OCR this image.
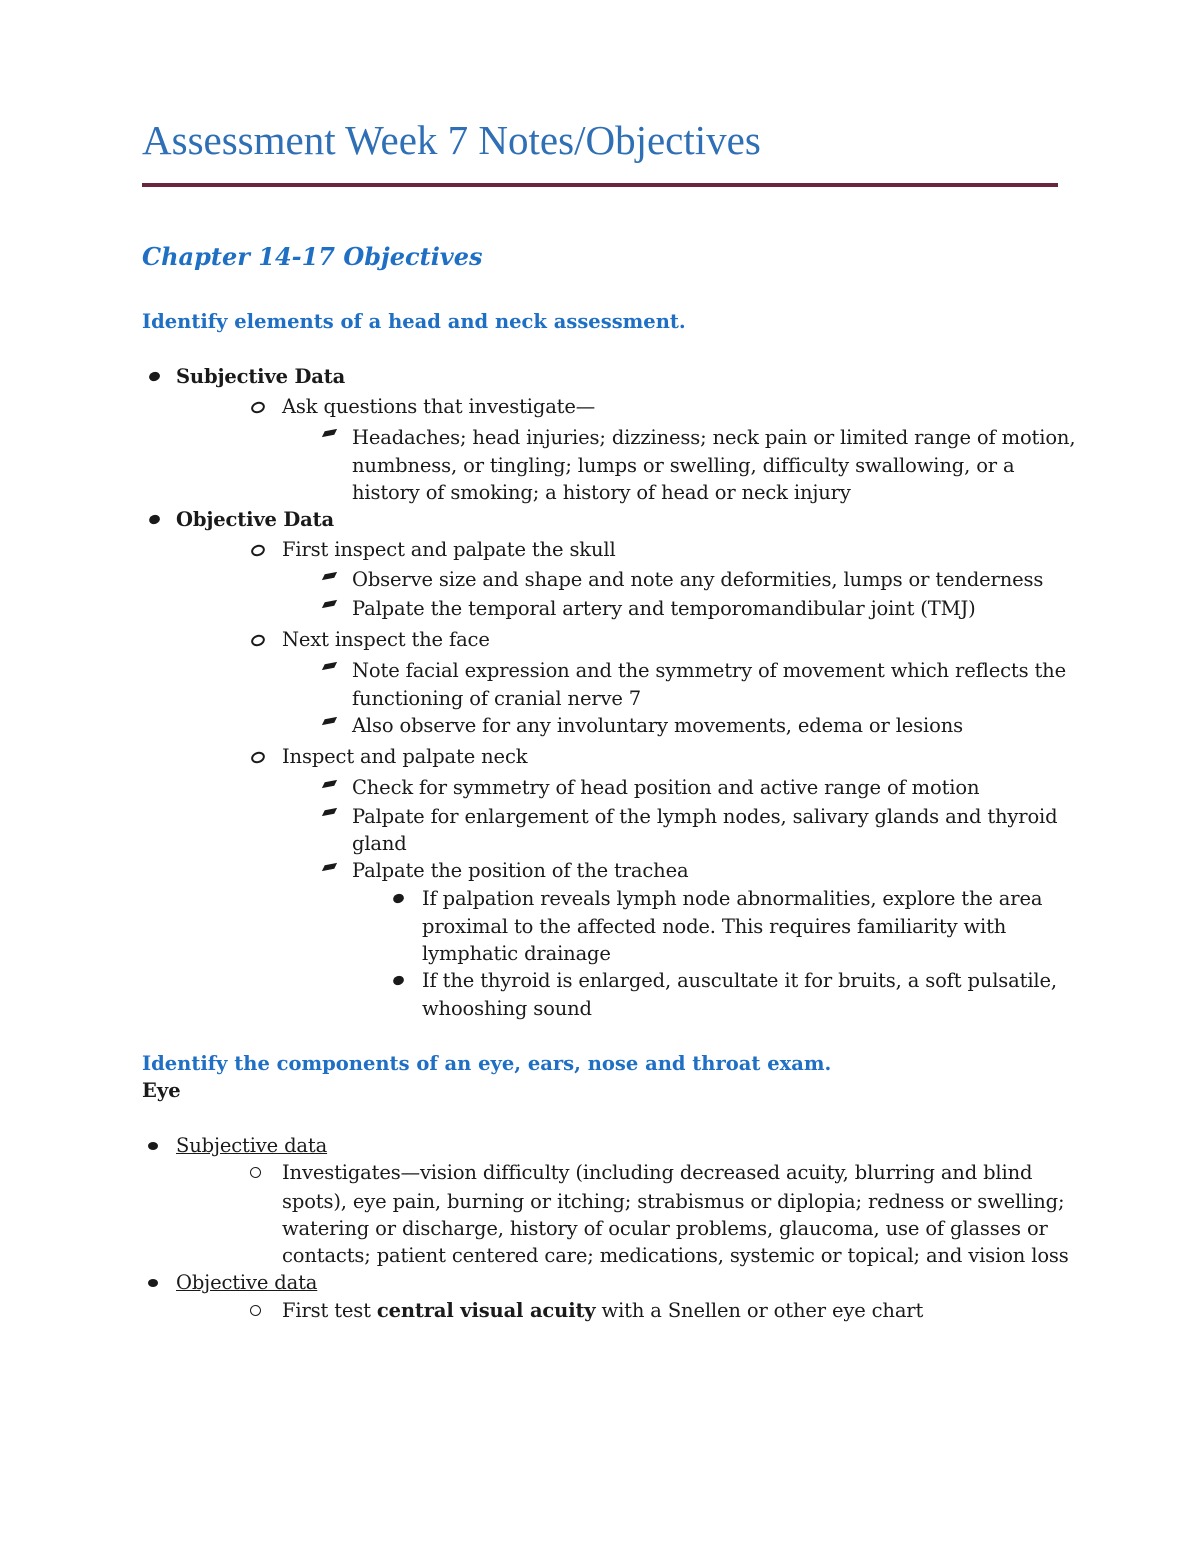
Assessment Week 7 Notes/Objectives
Chapter 14-17 Objectives
Identify elements of a head and neck assessment.
Subjective Data
Ask questions that investigate—
Headaches; head injuries; dizziness; neck pain or limited range of motion,
numbness, or tingling; lumps or swelling, difficulty swallowing, or a
history of smoking; a history of head or neck injury
Objective Data
First inspect and palpate the skull
Observe size and shape and note any deformities, lumps or tenderness
Palpate the temporal artery and temporomandibular joint (TMJ)
Next inspect the face
Note facial expression and the symmetry of movement which reflects the
functioning of cranial nerve 7
Also observe for any involuntary movements, edema or lesions
Inspect and palpate neck
Check for symmetry of head position and active range of motion
Palpate for enlargement of the lymph nodes, salivary glands and thyroid
gland
Palpate the position of the trachea
If palpation reveals lymph node abnormalities, explore the area
proximal to the affected node. This requires familiarity with
lymphatic drainage
If the thyroid is enlarged, auscultate it for bruits, a soft pulsatile,
whooshing sound
Identify the components of an eye, ears, nose and throat exam.
Eye
Subjective data
Investigates—vision difficulty (including decreased acuity, blurring and blind
spots), eye pain, burning or itching; strabismus or diplopia; redness or swelling;
watering or discharge, history of ocular problems, glaucoma, use of glasses or
contacts; patient centered care; medications, systemic or topical; and vision loss
Objective data
First test central visual acuity with a Snellen or other eye chart
